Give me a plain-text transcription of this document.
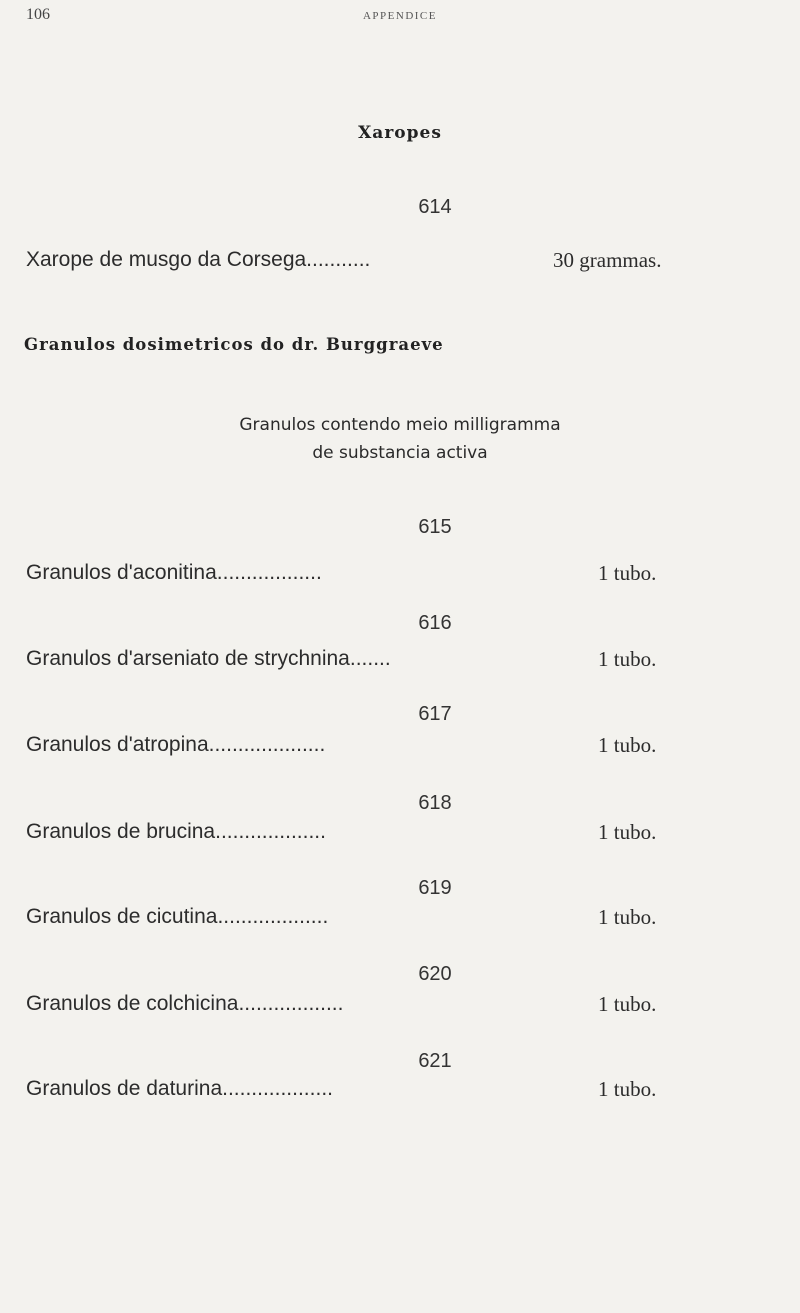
106	APPENDICE
Xaropes
614
Xarope de musgo da Corsega...........	30 grammas.
Granulos dosimetricos do dr. Burggraeve
Granulos contendo meio milligramma
de substancia activa
615
Granulos d'aconitina..................	1 tubo.
616
Granulos d'arseniato de strychnina.......	1 tubo.
617
Granulos d'atropina....................	1 tubo.
618
Granulos de brucina...................	1 tubo.
619
Granulos de cicutina...................	1 tubo.
620
Granulos de colchicina..................	1 tubo.
621
Granulos de daturina...................	1 tubo.
